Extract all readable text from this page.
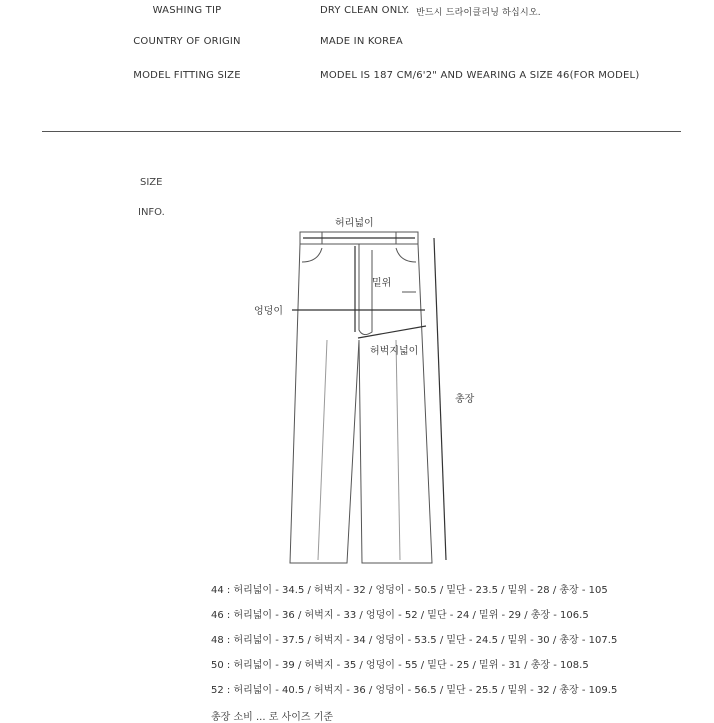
WASHING TIP	DRY CLEAN ONLY. 반드시 드라이클리닝 하십시오.
COUNTRY OF ORIGIN	MADE IN KOREA
MODEL FITTING SIZE	MODEL IS 187 CM/6'2" AND WEARING A SIZE 46(FOR MODEL)
SIZE
INFO.
허리넓이
밑위
엉덩이
허벅지넓이
총장
44 : 허리넓이 - 34.5 / 허벅지 - 32 / 엉덩이 - 50.5 / 밑단 - 23.5 / 밑위 - 28 / 총장 - 105
46 : 허리넓이 - 36 / 허벅지 - 33 / 엉덩이 - 52 / 밑단 - 24 / 밑위 - 29 / 총장 - 106.5
48 : 허리넓이 - 37.5 / 허벅지 - 34 / 엉덩이 - 53.5 / 밑단 - 24.5 / 밑위 - 30 / 총장 - 107.5
50 : 허리넓이 - 39 / 허벅지 - 35 / 엉덩이 - 55 / 밑단 - 25 / 밑위 - 31 / 총장 - 108.5
52 : 허리넓이 - 40.5 / 허벅지 - 36 / 엉덩이 - 56.5 / 밑단 - 25.5 / 밑위 - 32 / 총장 - 109.5
총장 소비 ... 로 사이즈 기준
